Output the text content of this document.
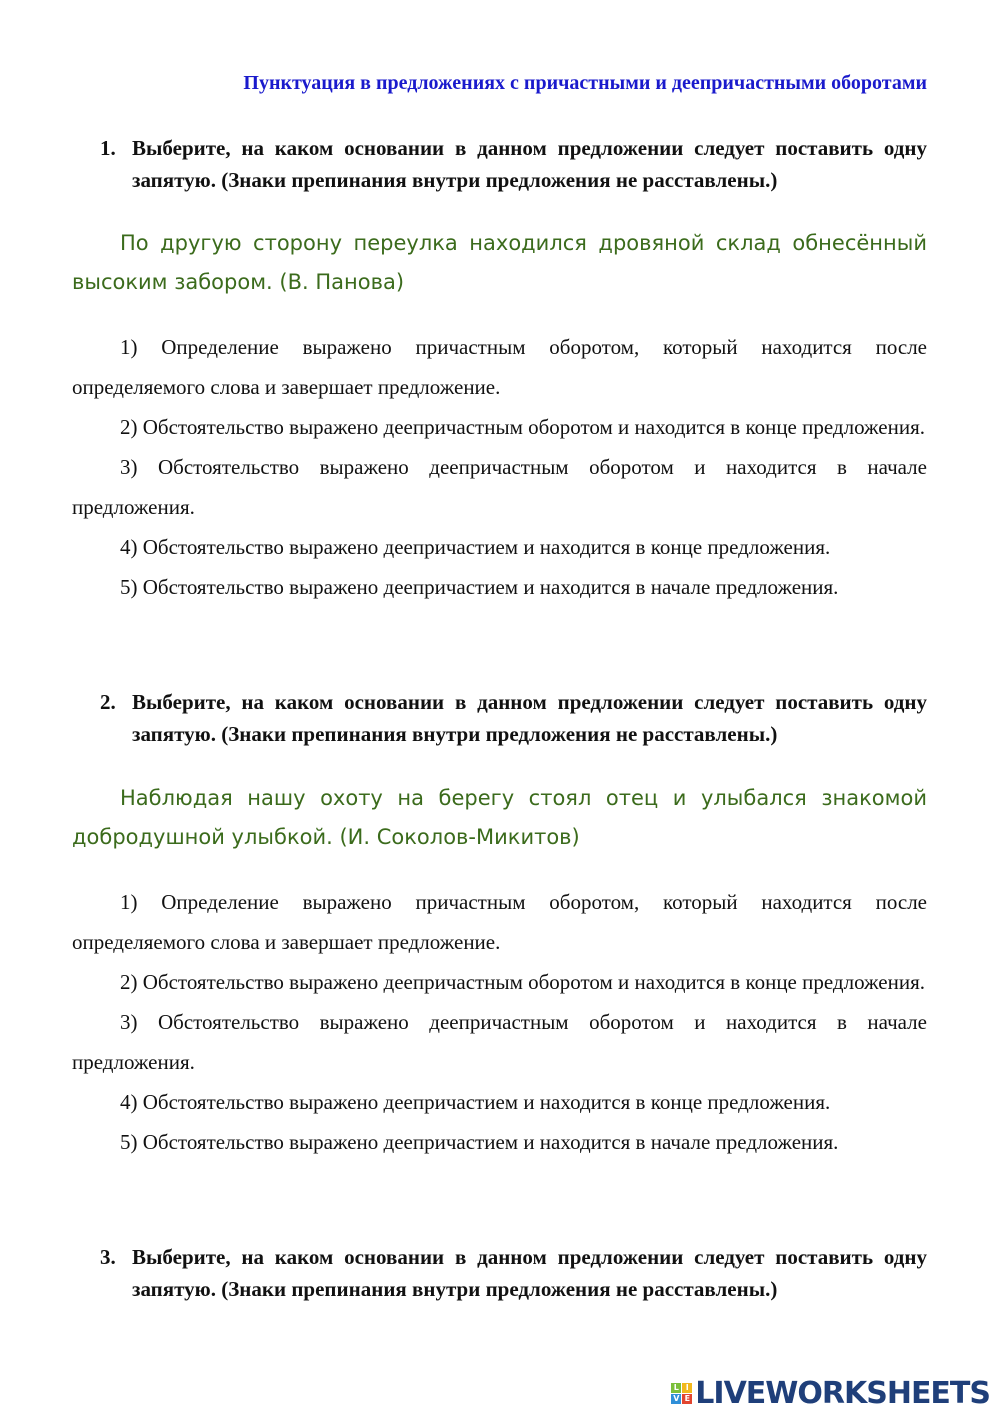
Пунктуация в предложениях с причастными и деепричастными оборотами
1. Выберите, на каком основании в данном предложении следует поставить одну запятую. (Знаки препинания внутри предложения не расставлены.)
По другую сторону переулка находился дровяной склад обнесённый
высоким забором. (В. Панова)
1) Определение выражено причастным оборотом, который находится после определяемого слова и завершает предложение.
2) Обстоятельство выражено деепричастным оборотом и находится в конце предложения.
3) Обстоятельство выражено деепричастным оборотом и находится в начале предложения.
4) Обстоятельство выражено деепричастием и находится в конце предложения.
5) Обстоятельство выражено деепричастием и находится в начале предложения.
2. Выберите, на каком основании в данном предложении следует поставить одну запятую. (Знаки препинания внутри предложения не расставлены.)
Наблюдая нашу охоту на берегу стоял отец и улыбался знакомой
добродушной улыбкой. (И. Соколов-Микитов)
1) Определение выражено причастным оборотом, который находится после определяемого слова и завершает предложение.
2) Обстоятельство выражено деепричастным оборотом и находится в конце предложения.
3) Обстоятельство выражено деепричастным оборотом и находится в начале предложения.
4) Обстоятельство выражено деепричастием и находится в конце предложения.
5) Обстоятельство выражено деепричастием и находится в начале предложения.
3. Выберите, на каком основании в данном предложении следует поставить одну запятую. (Знаки препинания внутри предложения не расставлены.)
L I
V E LIVEWORKSHEETS
